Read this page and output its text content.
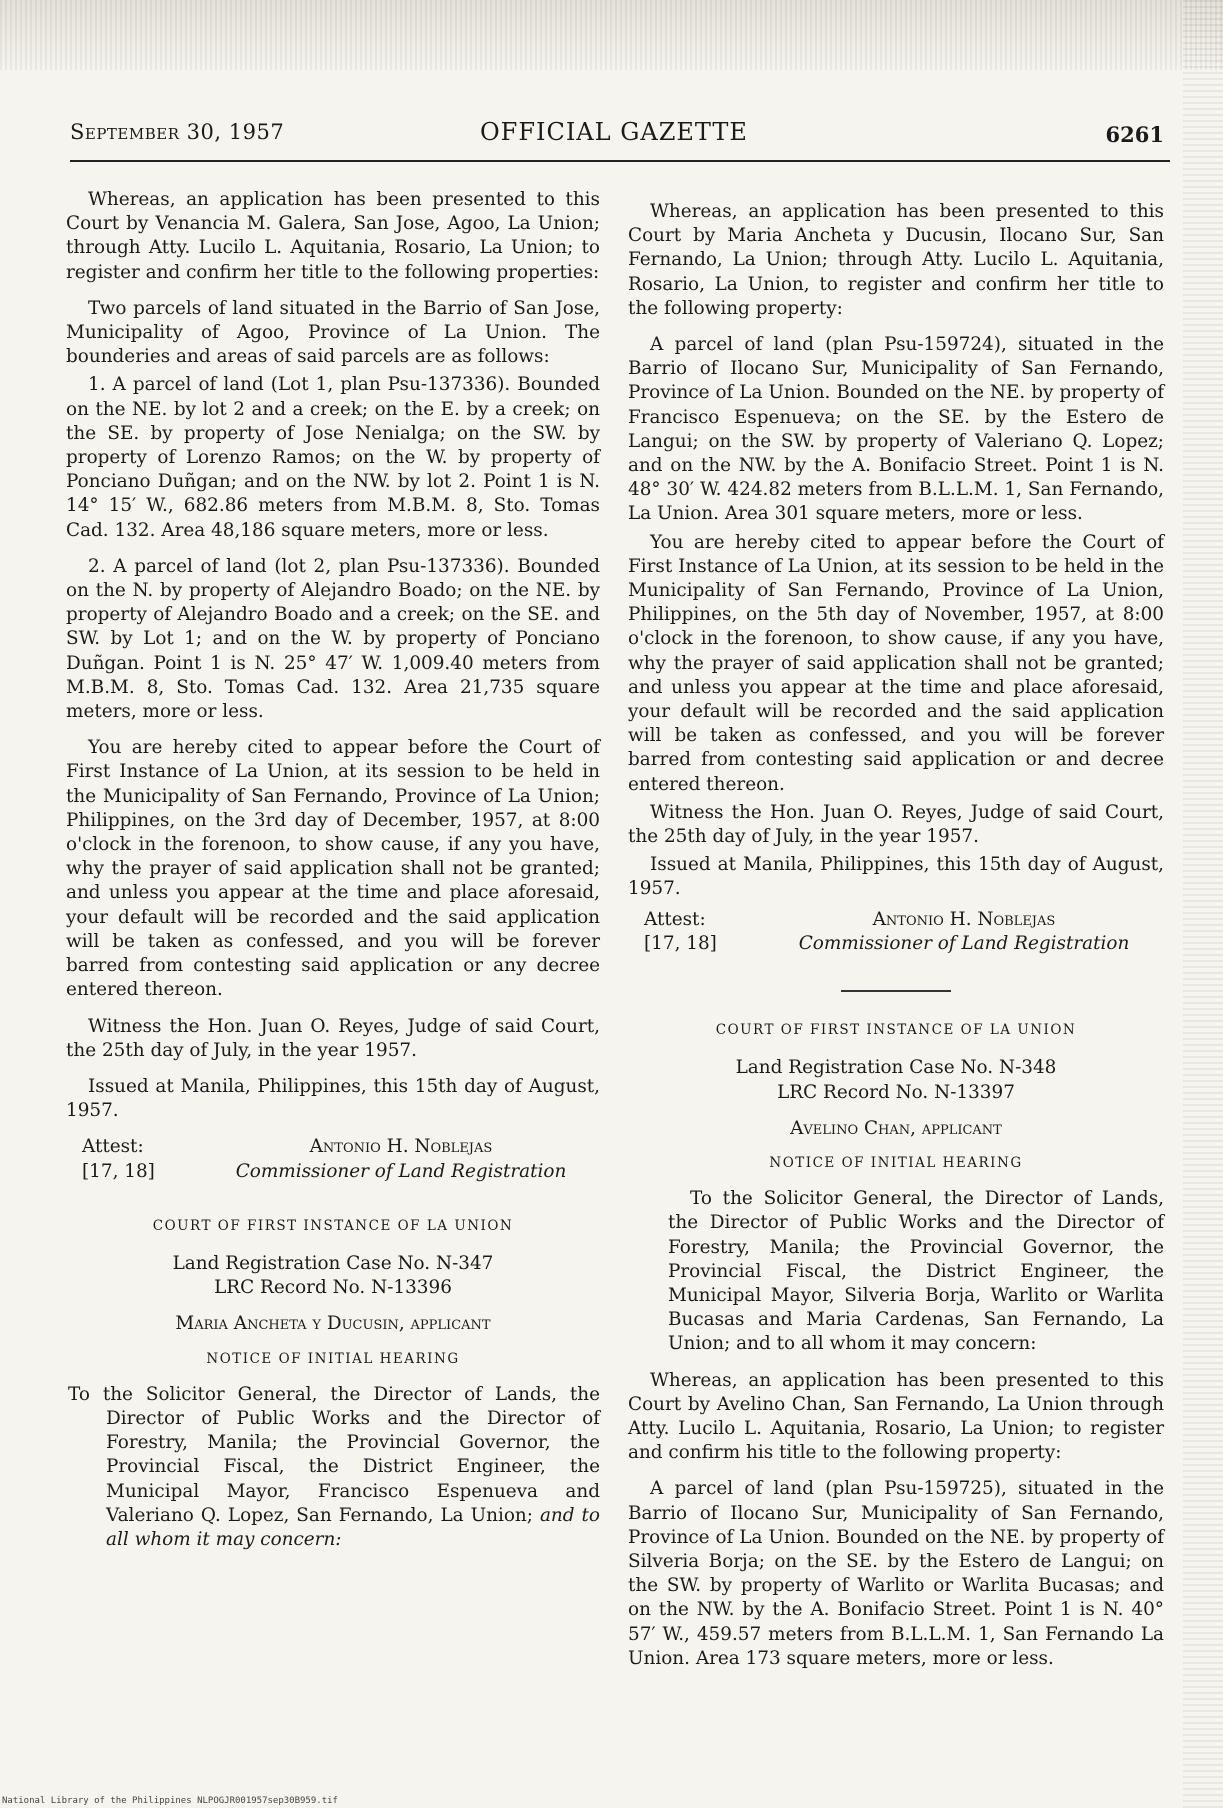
September 30, 1957	OFFICIAL GAZETTE	6261

Whereas, an application has been presented to this Court by Venancia M. Galera, San Jose, Agoo, La Union; through Atty. Lucilo L. Aquitania, Rosario, La Union; to register and confirm her title to the following properties:

Two parcels of land situated in the Barrio of San Jose, Municipality of Agoo, Province of La Union. The bounderies and areas of said parcels are as follows:

1. A parcel of land (Lot 1, plan Psu-137336). Bounded on the NE. by lot 2 and a creek; on the E. by a creek; on the SE. by property of Jose Nenialga; on the SW. by property of Lorenzo Ramos; on the W. by property of Ponciano Duñgan; and on the NW. by lot 2. Point 1 is N. 14° 15′ W., 682.86 meters from M.B.M. 8, Sto. Tomas Cad. 132. Area 48,186 square meters, more or less.

2. A parcel of land (lot 2, plan Psu-137336). Bounded on the N. by property of Alejandro Boado; on the NE. by property of Alejandro Boado and a creek; on the SE. and SW. by Lot 1; and on the W. by property of Ponciano Duñgan. Point 1 is N. 25° 47′ W. 1,009.40 meters from M.B.M. 8, Sto. Tomas Cad. 132. Area 21,735 square meters, more or less.

You are hereby cited to appear before the Court of First Instance of La Union, at its session to be held in the Municipality of San Fernando, Province of La Union; Philippines, on the 3rd day of December, 1957, at 8:00 o'clock in the forenoon, to show cause, if any you have, why the prayer of said application shall not be granted; and unless you appear at the time and place aforesaid, your default will be recorded and the said application will be taken as confessed, and you will be forever barred from contesting said application or any decree entered thereon.

Witness the Hon. Juan O. Reyes, Judge of said Court, the 25th day of July, in the year 1957.

Issued at Manila, Philippines, this 15th day of August, 1957.

Attest:	Antonio H. Noblejas
[17, 18]	Commissioner of Land Registration
COURT OF FIRST INSTANCE OF LA UNION
Land Registration Case No. N-347
LRC Record No. N-13396
Maria Ancheta y Ducusin, applicant
NOTICE OF INITIAL HEARING

To the Solicitor General, the Director of Lands, the Director of Public Works and the Director of Forestry, Manila; the Provincial Governor, the Provincial Fiscal, the District Engineer, the Municipal Mayor, Francisco Espenueva and Valeriano Q. Lopez, San Fernando, La Union; and to all whom it may concern:

Whereas, an application has been presented to this Court by Maria Ancheta y Ducusin, Ilocano Sur, San Fernando, La Union; through Atty. Lucilo L. Aquitania, Rosario, La Union, to register and confirm her title to the following property:

A parcel of land (plan Psu-159724), situated in the Barrio of Ilocano Sur, Municipality of San Fernando, Province of La Union. Bounded on the NE. by property of Francisco Espenueva; on the SE. by the Estero de Langui; on the SW. by property of Valeriano Q. Lopez; and on the NW. by the A. Bonifacio Street. Point 1 is N. 48° 30′ W. 424.82 meters from B.L.L.M. 1, San Fernando, La Union. Area 301 square meters, more or less.

You are hereby cited to appear before the Court of First Instance of La Union, at its session to be held in the Municipality of San Fernando, Province of La Union, Philippines, on the 5th day of November, 1957, at 8:00 o'clock in the forenoon, to show cause, if any you have, why the prayer of said application shall not be granted; and unless you appear at the time and place aforesaid, your default will be recorded and the said application will be taken as confessed, and you will be forever barred from contesting said application or and decree entered thereon.

Witness the Hon. Juan O. Reyes, Judge of said Court, the 25th day of July, in the year 1957.

Issued at Manila, Philippines, this 15th day of August, 1957.

Attest:	Antonio H. Noblejas
[17, 18]	Commissioner of Land Registration
COURT OF FIRST INSTANCE OF LA UNION
Land Registration Case No. N-348
LRC Record No. N-13397
Avelino Chan, applicant
NOTICE OF INITIAL HEARING

To the Solicitor General, the Director of Lands, the Director of Public Works and the Director of Forestry, Manila; the Provincial Governor, the Provincial Fiscal, the District Engineer, the Municipal Mayor, Silveria Borja, Warlito or Warlita Bucasas and Maria Cardenas, San Fernando, La Union; and to all whom it may concern:

Whereas, an application has been presented to this Court by Avelino Chan, San Fernando, La Union through Atty. Lucilo L. Aquitania, Rosario, La Union; to register and confirm his title to the following property:

A parcel of land (plan Psu-159725), situated in the Barrio of Ilocano Sur, Municipality of San Fernando, Province of La Union. Bounded on the NE. by property of Silveria Borja; on the SE. by the Estero de Langui; on the SW. by property of Warlito or Warlita Bucasas; and on the NW. by the A. Bonifacio Street. Point 1 is N. 40° 57′ W., 459.57 meters from B.L.L.M. 1, San Fernando La Union. Area 173 square meters, more or less.

National Library of the Philippines NLPOGJR001957sep30B959.tif
